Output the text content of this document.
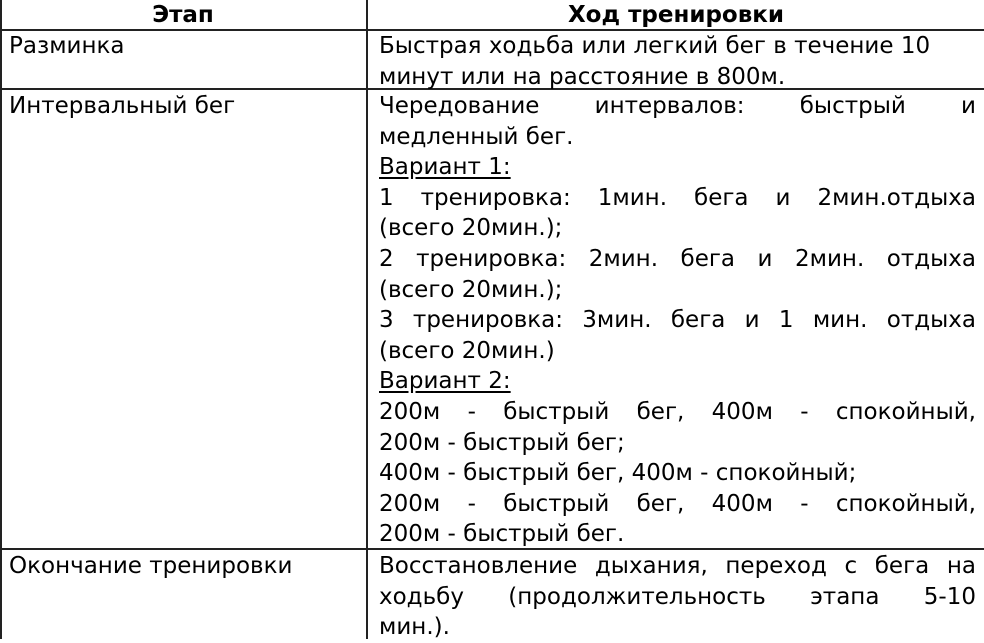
Этап	Ход тренировки
Разминка	Быстрая ходьба или легкий бег в течение 10
минут или на расстояние в 800м.
Интервальный бег	Чередование интервалов: быстрый и
медленный бег.
Вариант 1:
1 тренировка: 1мин. бега и 2мин.отдыха
(всего 20мин.);
2 тренировка: 2мин. бега и 2мин. отдыха
(всего 20мин.);
3 тренировка: 3мин. бега и 1 мин. отдыха
(всего 20мин.)
Вариант 2:
200м - быстрый бег, 400м - спокойный,
200м - быстрый бег;
400м - быстрый бег, 400м - спокойный;
200м - быстрый бег, 400м - спокойный,
200м - быстрый бег.
Окончание тренировки	Восстановление дыхания, переход с бега на
ходьбу (продолжительность этапа 5-10
мин.).
